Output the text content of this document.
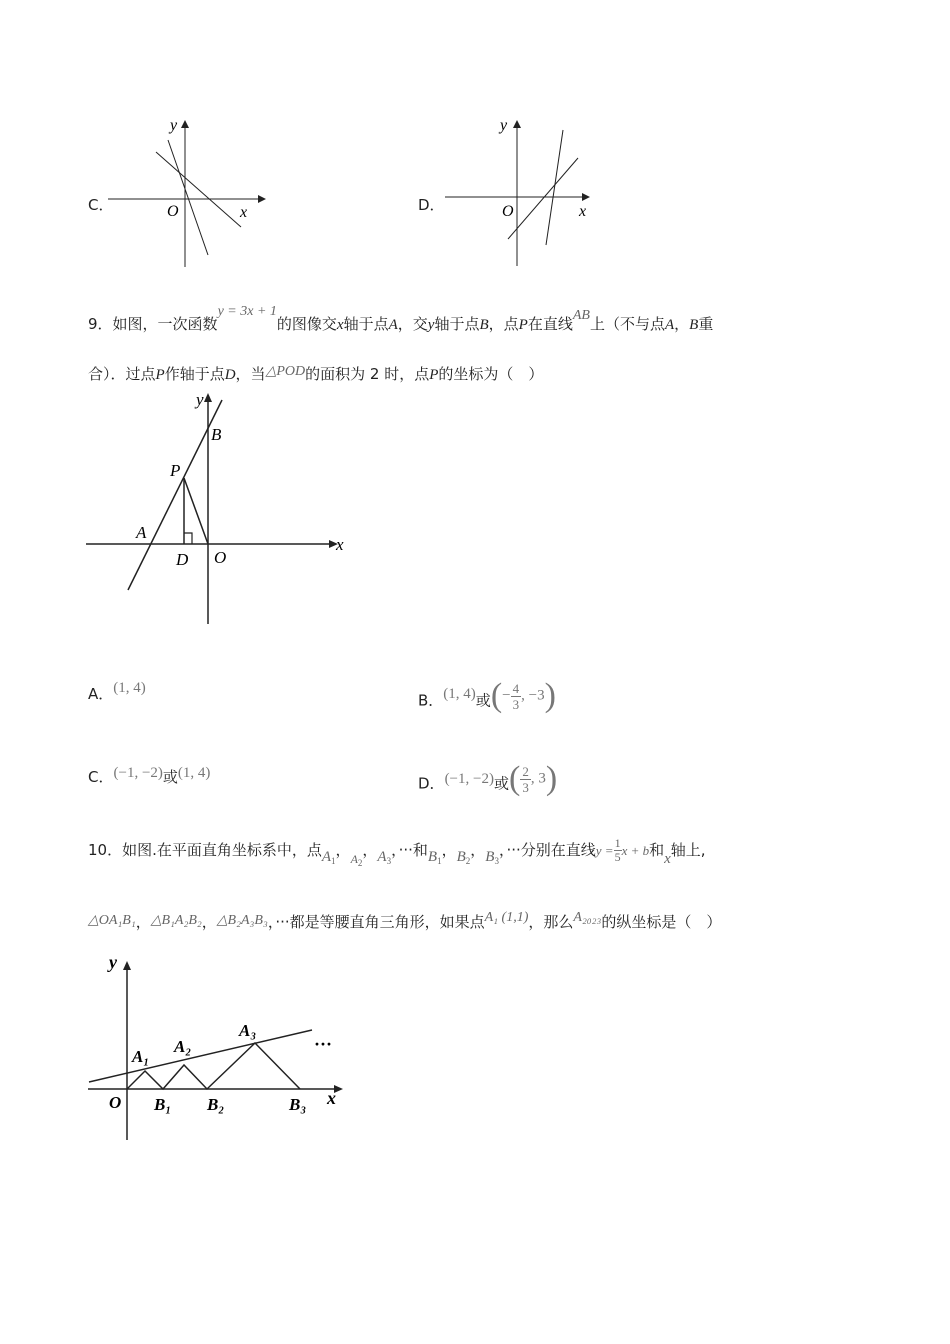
C．
y
x
O	D．
y
x
O
9．如图，一次函数y = 3x + 1的图像交x轴于点A，交y轴于点B，点P在直线AB上（不与点A，B重
合）．过点P作轴于点D，当△POD的面积为 2 时，点P的坐标为（　）
y
x
B
P
A
D O
A．(1, 4)
B．(1, 4)或(− $\frac{4}{3}$ , −3)
C．(−1, −2)或(1, 4)
D．(−1, −2)或( $\frac{2}{3}$ , 3)
10．如图.在平面直角坐标系中，点$A_1$，$_{A_2}$，$A_3$，···和$B_1$，$B_2$，$B_3$，···分别在直线$y = \frac{1}{5}$ x + b和x轴上,
△OA₁B₁，△B₁A₂B₂，△B₂A₃B₃，···都是等腰直角三角形，如果点A₁ (1,1)，那么A₂₀₂₃的纵坐标是（　）
y
x
O
A₁
A₂
A₃
B₁ B₂	B₃
···
